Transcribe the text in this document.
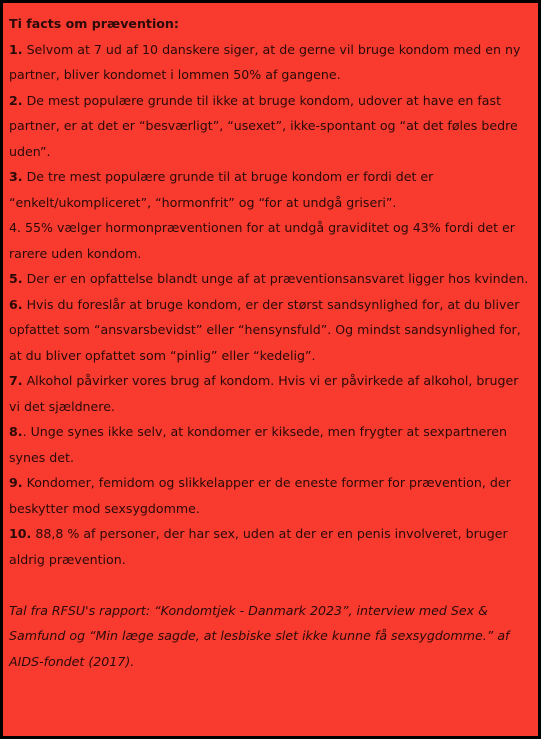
Ti facts om prævention:

1. Selvom at 7 ud af 10 danskere siger, at de gerne vil bruge kondom med en ny partner, bliver kondomet i lommen 50% af gangene.

2. De mest populære grunde til ikke at bruge kondom, udover at have en fast partner, er at det er “besværligt”, “usexet”, ikke-spontant og “at det føles bedre uden”.

3. De tre mest populære grunde til at bruge kondom er fordi det er “enkelt/ukompliceret”, “hormonfrit” og “for at undgå griseri”.

4. 55% vælger hormonpræventionen for at undgå graviditet og 43% fordi det er rarere uden kondom.

5. Der er en opfattelse blandt unge af at præventionsansvaret ligger hos kvinden.

6. Hvis du foreslår at bruge kondom, er der størst sandsynlighed for, at du bliver opfattet som “ansvarsbevidst” eller “hensynsfuld”. Og mindst sandsynlighed for, at du bliver opfattet som “pinlig” eller “kedelig”.

7. Alkohol påvirker vores brug af kondom. Hvis vi er påvirkede af alkohol, bruger vi det sjældnere.

8.. Unge synes ikke selv, at kondomer er kiksede, men frygter at sexpartneren synes det.

9. Kondomer, femidom og slikkelapper er de eneste former for prævention, der beskytter mod sexsygdomme.

10. 88,8 % af personer, der har sex, uden at der er en penis involveret, bruger aldrig prævention.

Tal fra RFSU's rapport: “Kondomtjek - Danmark 2023”, interview med Sex & Samfund og “Min læge sagde, at lesbiske slet ikke kunne få sexsygdomme.” af AIDS-fondet (2017).
